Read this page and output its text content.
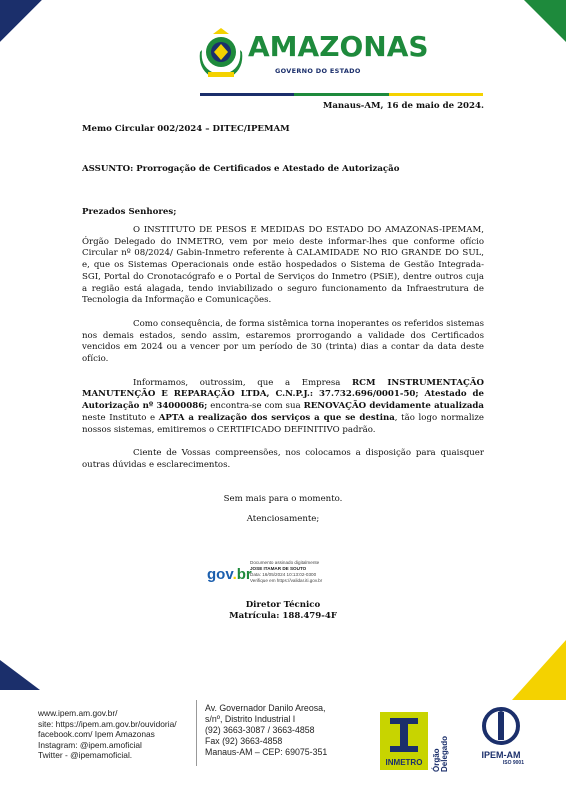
AMAZONAS
GOVERNO DO ESTADO
Manaus-AM, 16 de maio de 2024.
Memo Circular 002/2024 – DITEC/IPEMAM
ASSUNTO: Prorrogação de Certificados e Atestado de Autorização
Prezados Senhores;

O INSTITUTO DE PESOS E MEDIDAS DO ESTADO DO AMAZONAS-IPEMAM, Órgão Delegado do INMETRO, vem por meio deste informar-lhes que conforme ofício Circular nº 08/2024/ Gabin-Inmetro referente à CALAMIDADE NO RIO GRANDE DO SUL, e, que os Sistemas Operacionais onde estão hospedados o Sistema de Gestão Integrada-SGI, Portal do Cronotacógrafo e o Portal de Serviços do Inmetro (PSiE), dentre outros cuja a região está alagada, tendo inviabilizado o seguro funcionamento da Infraestrutura de Tecnologia da Informação e Comunicações.

Como consequência, de forma sistêmica torna inoperantes os referidos sistemas nos demais estados, sendo assim, estaremos prorrogando a validade dos Certificados vencidos em 2024 ou a vencer por um período de 30 (trinta) dias a contar da data deste ofício.

Informamos, outrossim, que a Empresa RCM INSTRUMENTAÇÃO MANUTENÇÃO E REPARAÇÃO LTDA, C.N.P.J.: 37.732.696/0001-50; Atestado de Autorização nº 34000086; encontra-se com sua RENOVAÇÃO devidamente atualizada neste Instituto e APTA a realização dos serviços a que se destina, tão logo normalize nossos sistemas, emitiremos o CERTIFICADO DEFINITIVO padrão.

Ciente de Vossas compreensões, nos colocamos a disposição para quaisquer outras dúvidas e esclarecimentos.

Sem mais para o momento.
Atenciosamente;
gov.br
Documento assinado digitalmente
JOSE ITAMAR DE SOUTO
Data: 16/05/2024 10:13:02-0300
Verifique em https://validar.iti.gov.br
Diretor Técnico
Matrícula: 188.479-4F
www.ipem.am.gov.br/
site: https://ipem.am.gov.br/ouvidoria/
facebook.com/ Ipem Amazonas
Instagram: @ipem.amoficial
Twitter - @ipemamoficial.
Av. Governador Danilo Areosa,
s/nº, Distrito Industrial I
(92) 3663-3087 / 3663-4858
Fax (92) 3663-4858
Manaus-AM – CEP: 69075-351
INMETRO	Órgão Delegado	IPEM-AM
ISO 9001
